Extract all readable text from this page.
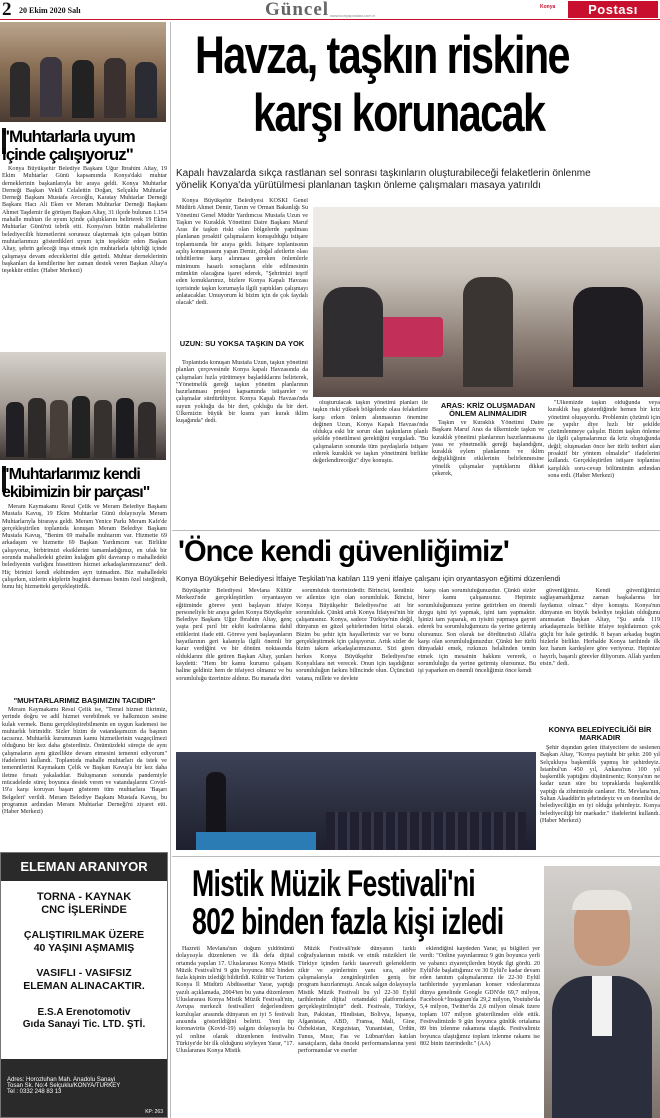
2 20 Ekim 2020 Salı	Güncel www.konyapostasi.com.tr
Konya	Postası
"Muhtarlarla uyum
içinde çalışıyoruz"

Konya Büyükşehir Belediye Başkanı Uğur İbrahim Altay, 19 Ekim Muhtarlar Günü kapsamında Konya'daki muhtar derneklerinin başkanlarıyla bir araya geldi. Konya Muhtarlar Derneği Başkan Vekili Celalettin Doğan, Selçuklu Muhtarlar Derneği Başkanı Mustafa Avcıoğlu, Karatay Muhtarlar Derneği Başkanı Hacı Ali Eken ve Meram Muhtarlar Derneği Başkanı Ahmet Taşdemir ile görüşen Başkan Altay, 31 ilçede bulunan 1.154 mahalle muhtarı ile uyum içinde çalıştıklarını belirterek 19 Ekim Muhtarlar Günü'nü tebrik etti. Konya'nın bütün mahallelerine belediyecilik hizmetlerini sorunsuz ulaştırmak için çalışan bütün muhtarlarımızı gösterdikleri uyum için teşekkür eden Başkan Altay, şehrin geleceği inşa etmek için muhtarlarla işbirliği içinde çalışmaya devam edeceklerini dile getirdi. Muhtar derneklerinin başkanları da kendilerine her zaman destek veren Başkan Altay'a teşekkür ettiler. (Haber Merkezi)

"Muhtarlarımız kendi
ekibimizin bir parçası"

Meram Kaymakamı Resul Çelik ve Meram Belediye Başkanı Mustafa Kavuş, 19 Ekim Muhtarlar Günü dolayısıyla Meram Muhtarlarıyla biraraya geldi. Meram Yenice Parkı Meram Kafe'de gerçekleştirilen toplantıda konuşan Meram Belediye Başkanı Mustafa Kavuş, "Benim 69 mahalle muhtarım var. Hizmette 69 arkadaşım ve hizmette 69 Başkan Yardımcım var. Birlikte çalışıyoruz, birbirimizi eksiklerini tamamladığımız, en ufak bir sorunda mahalledeki gözüm kulağım gibi davranıp o mahalledeki belediyenin varlığını hissettiren hizmet arkadaşlarımızsınız" dedi. Hiç birinizi kendi ekibimden ayrı tutmadım. Biz mahalledeki çalışırken, sizlerin ekiplerin bugünü durması benim özel isteğimdi, bunu hiç hizmetteki gerçekleştirdik.

"MUHTARLARIMIZ BAŞIMIZIN TACIDIR"

Meram Kaymakamı Resul Çelik ise, "Temel hizmet fikrimiz, yerinde doğru ve adil hizmet verebilmek ve halkımızın sesine kulak vermek. Bunu gerçekleştirebilmenin en uygun kademesi ise muhtarlık birimidir. Sizler bizim de vatandaşımızın da başının tacısınız. Muhtarlık kurumunun kamu hizmetlerinin vazgeçilmezi olduğunu bir kez daha gösterdiniz. Önümüzdeki süreçte de aynı çalışmaların aynı güzellikte devam etmesini temenni ediyorum" ifadelerini kullandı. Toplantıda mahalle muhtarları da istek ve temennilerini Kaymakam Çelik ve Başkan Kavuş'a bir kez daha iletme fırsatı yakaladılar. Buluşmanın sonunda pandemiyle mücadelede süreç boyunca destek veren ve vatandaşlarını Covid-19'a karşı koruyan başarı gösteren tüm muhtarlara 'Başarı Belgeleri' verildi. Meram Belediye Başkanı Mustafa Kavuş, bu programın ardından Meram Muhtarlar Derneği'ni ziyaret etti. (Haber Merkezi)

Havza, taşkın riskine
karşı korunacak
Kapalı havzalarda sıkça rastlanan sel sonrası taşkınların oluşturabileceği felaketlerin önlenme
yönelik Konya'da yürütülmesi planlanan taşkın önleme çalışmaları masaya yatırıldı

Konya Büyükşehir Belediyesi KOSKİ Genel Müdürü Ahmet Demir, Tarım ve Orman Bakanlığı Su Yönetimi Genel Müdür Yardımcısı Mustafa Uzun ve Taşkın ve Kuraklık Yönetimi Daire Başkanı Maruf Aras ile taşkın riski olan bölgelerde yapılması planlanan proaktif çalışmaların konuşulduğu istişare toplantısında bir araya geldi. İstişare toplantısının açılış konuşmasını yapan Demir, doğal afetlerin olası tehditlerine karşı alınması gereken önlemlerle minimum hasarlı sonuçların elde edilmesinin mümkün olacağına işaret ederek, "Şehrimizi teşrif eden konuklarımız, bizlere Konya Kapalı Havzası içerisinde taşkın korumayla ilgili yaptıkları çalışmayı anlatacaklar. Umuyorum ki bizim için de çok faydalı olacak" dedi.

UZUN: SU YOKSA TAŞKIN DA YOK

Toplantıda konuşan Mustafa Uzun, taşkın yönetimi planları çerçevesinde Konya kapalı Havzasında da çalışmaları hızla yürütmeye başladıklarını belirterek, "Yönetmelik gereği taşkın yönetim planlarının hazırlanması projesi kapsamında istişareler ve çalışmalar sürdürülüyor. Konya Kapalı Havzası'nda suyun yokluğu da bir dert, çokluğu da bir dert. Ülkemizin büyük bir kısmı yarı kurak iklim kuşağında" dedi.

oluşturulacak taşkın yönetimi planları ile taşkın riski yüksek bölgelerde olası felaketlere karşı erken önlem alınmasının önemine değinen Uzun, Konya Kapalı Havzası'nda oldukça eski bir sorun olan taşkınların planlı şekilde yönetilmesi gerektiğini vurguladı. "Bu çalışmaların sonunda tüm paydaşlarla istişare ederek kuraklık ve taşkın yönetimini birlikte değerlendireceğiz" diye konuştu.

ARAS: KRİZ OLUŞMADAN ÖNLEM ALINMALIDIR

Taşkın ve Kuraklık Yönetimi Daire Başkanı Maruf Aras da ülkemizde taşkın ve kuraklık yönetimi planlarının hazırlanmasına yasa ve yönetmelik gereği başlandığını, kuraklık eylem planlarının ve iklim değişikliğinin etkilerinin belirlenmesine yönelik çalışmalar yaptıklarını dikkat çekerek,

"Ülkemizde taşkın olduğunda veya kuraklık baş gösterdiğinde hemen bir kriz yönetimi oluşuyordu. Problemin çözümü için ne yapılır diye hızlı bir şekilde çözümlenmeye çalışılır. Bizim taşkın önleme ile ilgili çalışmalarımız da kriz oluştuğunda değil; oluşmadan önce her türlü tedbiri alan proaktif bir yöntem olmalıdır" ifadelerini kullandı. Gerçekleştirilen istişare toplantısı karşılıklı soru-cevap bölümünün ardından sona erdi. (Haber Merkezi)

'Önce kendi güvenliğimiz'
Konya Büyükşehir Belediyesi İtfaiye Teşkilatı'na katılan 119 yeni itfaiye çalışanı için oryantasyon eğitimi düzenlendi

Büyükşehir Belediyesi Mevlana Kültür Merkezi'nde gerçekleştirilen oryantasyon eğitiminde göreve yeni başlayan itfaiye personeliyle bir araya gelen Konya Büyükşehir Belediye Başkanı Uğur İbrahim Altay, genç yaşta pırıl pırıl bir ekibi kadrolarına dahil ettiklerini ifade etti. Göreve yeni başlayanların hayatlarının geri kalanıyla ilgili önemli bir karar verdiğini ve bir dönüm noktasında olduklarını dile getiren Başkan Altay, şunları kaydetti: "Hem bir kamu kurumu çalışanı haline geldiniz hem de itfaiyeci olmanız ve bu sorumluluğu üzerinize aldınız. Bu manada dört

sorumluluk üzerinizdedir. Birincisi, kendiniz ve ailenize için olan sorumluluk. İkincisi, Konya Büyükşehir Belediyesi'ne ait bir sorumluluk. Çünkü artık Konya İtfaiyesi'nin bir çalışanısınız. Konya, sadece Türkiye'nin değil, dünyanın en güzel şehirlerinden birisi olacak. Bizim bu şehir için hayallerimiz var ve bunu gerçekleştirmek için çalışıyoruz. Artık sizler de bizim takım arkadaşlarımızsınız. Sizi giren herkes Konya Büyükşehir Belediyesi'ne Konyalılara net verecek. Onun için taşıdığınız sorumluluğun farkını bilincinde olun. Üçüncüsü vatana, millete ve devlete

karşı olan sorumluluğunuzdur. Çünkü sizler birer kamu çalışanısınız. Hepimiz sorumluluğumuzu yerine getirirken en önemli duygu işini iyi yapmak, işini tam yapmaktır. İşinizi tam yaparak, en iyisini yapmaya gayret ederek bu sorumluluğumuzu da yerine getirmiş olursunuz. Son olarak ise dördüncüsü Allah'a karşı olan sorumluluğunuzdur. Çünkü her türlü dünyadaki emek, rızkınızı helalinden temin etmek için mesainin hakkını vererek, o sorumluluğu da yerine getirmiş olursunuz. Bu işi yaparken en önemli önceliğimiz önce kendi

güvenliğimiz. Kendi güvenliğimizi sağlayamadığımız zaman başkalarına bir faydamız olmaz." diye konuştu. Konya'nın dünyanın en büyük belediye teşkilatı olduğunu anımsatan Başkan Altay, "Şu anda 119 arkadaşımızla birlikte itfaiye teşkilatımızı çok güçlü bir hale getirdik. 8 bayan arkadaş bugün bizlerle birlikte. Herhalde Konya tarihinde ilk kez hanım kardeşlere göre veriyoruz. Hepinize hayırlı, başarılı görevler diliyorum. Allah yardım etsin." dedi.

KONYA BELEDİYECİLİĞİ BİR MARKADIR

Şehir dışından gelen itfaiyecilere de seslenen Başkan Altay, "Konya payitaht bir şehir. 200 yıl Selçukluya başkentlik yapmış bir şehirdeyiz. İstanbul'un 450 yıl, Ankara'nın 100 yıl başkentlik yaptığını düşünürseniz; Konya'nın ne kadar uzun süre bu topraklarda başkentlik yaptığı da zihnimizde canlanır. Hz. Mevlana'nın, Sultan Alaaddin'in şehrindeyiz ve en önemlisi de belediyeciliğin en iyi olduğu şehirdeyiz. Konya belediyeciliği bir markadır." ifadelerini kullandı. (Haber Merkezi)

Mistik Müzik Festivali'ni
802 binden fazla kişi izledi

Hazreti Mevlana'nın doğum yıldönümü dolayısıyla düzenlenen ve ilk defa dijital ortamda yapılan 17. Uluslararası Konya Mistik Müzik Festivali'ni 9 gün boyunca 802 binden fazla kişinin izlediği bildirildi. Kültür ve Turizm Konya İl Müdürü Abdüssettar Yarar, yaptığı yazılı açıklamada, 2004'ten bu yana düzenlenen Uluslararası Konya Mistik Müzik Festivali'nin, Avrupa merkezli festivalleri değerlendiren kuruluşlar arasında dünyanın en iyi 5 festivali arasında gösterildiğini belirtti. Yeni tip koronavirüs (Kovid-19) salgını dolayısıyla bu yıl online olarak düzenlenen festivalin Türkiye'de bir ilk olduğunu söyleyen Yarar, "17. Uluslararası Konya Mistik

Müzik Festivali'nde dünyanın farklı coğrafyalarının mistik ve etnik müzikleri ile Türkiye içinden farklı tasavvufi geleneklerin zikir ve ayinlerinin yanı sıra, atölye çalışmalarıyla zenginleştirilen geniş bir program hazırlanmıştı. Ancak salgın dolayısıyla Mistik Müzik Festivali bu yıl 22-30 Eylül tarihlerinde dijital ortamdaki platformlarda gerçekleştirilmiştir" dedi. Festivale, Türkiye, İran, Pakistan, Hindistan, Bolivya, İspanya, Afganistan, ABD, Fransa, Mali, Gine, Özbekistan, Kırgızistan, Yunanistan, Ürdün, Tunus, Mısır, Fas ve Lübnan'dan katılan sanatçıların, daha önceki performanslarına yeni performanslar ve eserler

eklendiğini kaydeden Yarar, şu bilgileri yer verdi: "Online yayınlarımız 9 gün boyunca yerli ve yabancı ziyaretçilerden büyük ilgi gördü. 20 Eylül'de başlattığımız ve 30 Eylül'e kadar devam eden tanıtım çalışmalarımız ile 22-30 Eylül tarihlerinde yayımlanan konser videolarımıza dünya genelinde Google GDN'de 69,7 milyon, Facebook+İnstagram'da 29,2 milyon, Youtube'da 5,4 milyon, Twitter'da 2,6 milyon olmak üzere toplam 107 milyon gösterilimden elde ettik. Festivalimizde 9 gün boyunca günlük ortalama 89 bin izlenme rakamına ulaştık. Festivalimiz boyunca ulaştığımız toplam izlenme rakamı ise 802 binin üzerindedir." (AA)

ELEMAN ARANIYOR
TORNA - KAYNAK
CNC İŞLERİNDE
ÇALIŞTIRILMAK ÜZERE
40 YAŞINI AŞMAMIŞ
VASIFLI - VASIFSIZ
ELEMAN ALINACAKTIR.
E.S.A Erenotomotiv
Gıda Sanayi Tic. LTD. ŞTİ.
Adres: Horozluhan Mah. Anadolu Sanayi
Tosan Sk. No:4 Selçuklu/KONYA/TURKEY
Tel : 0332 248 83 13
KP: 263
